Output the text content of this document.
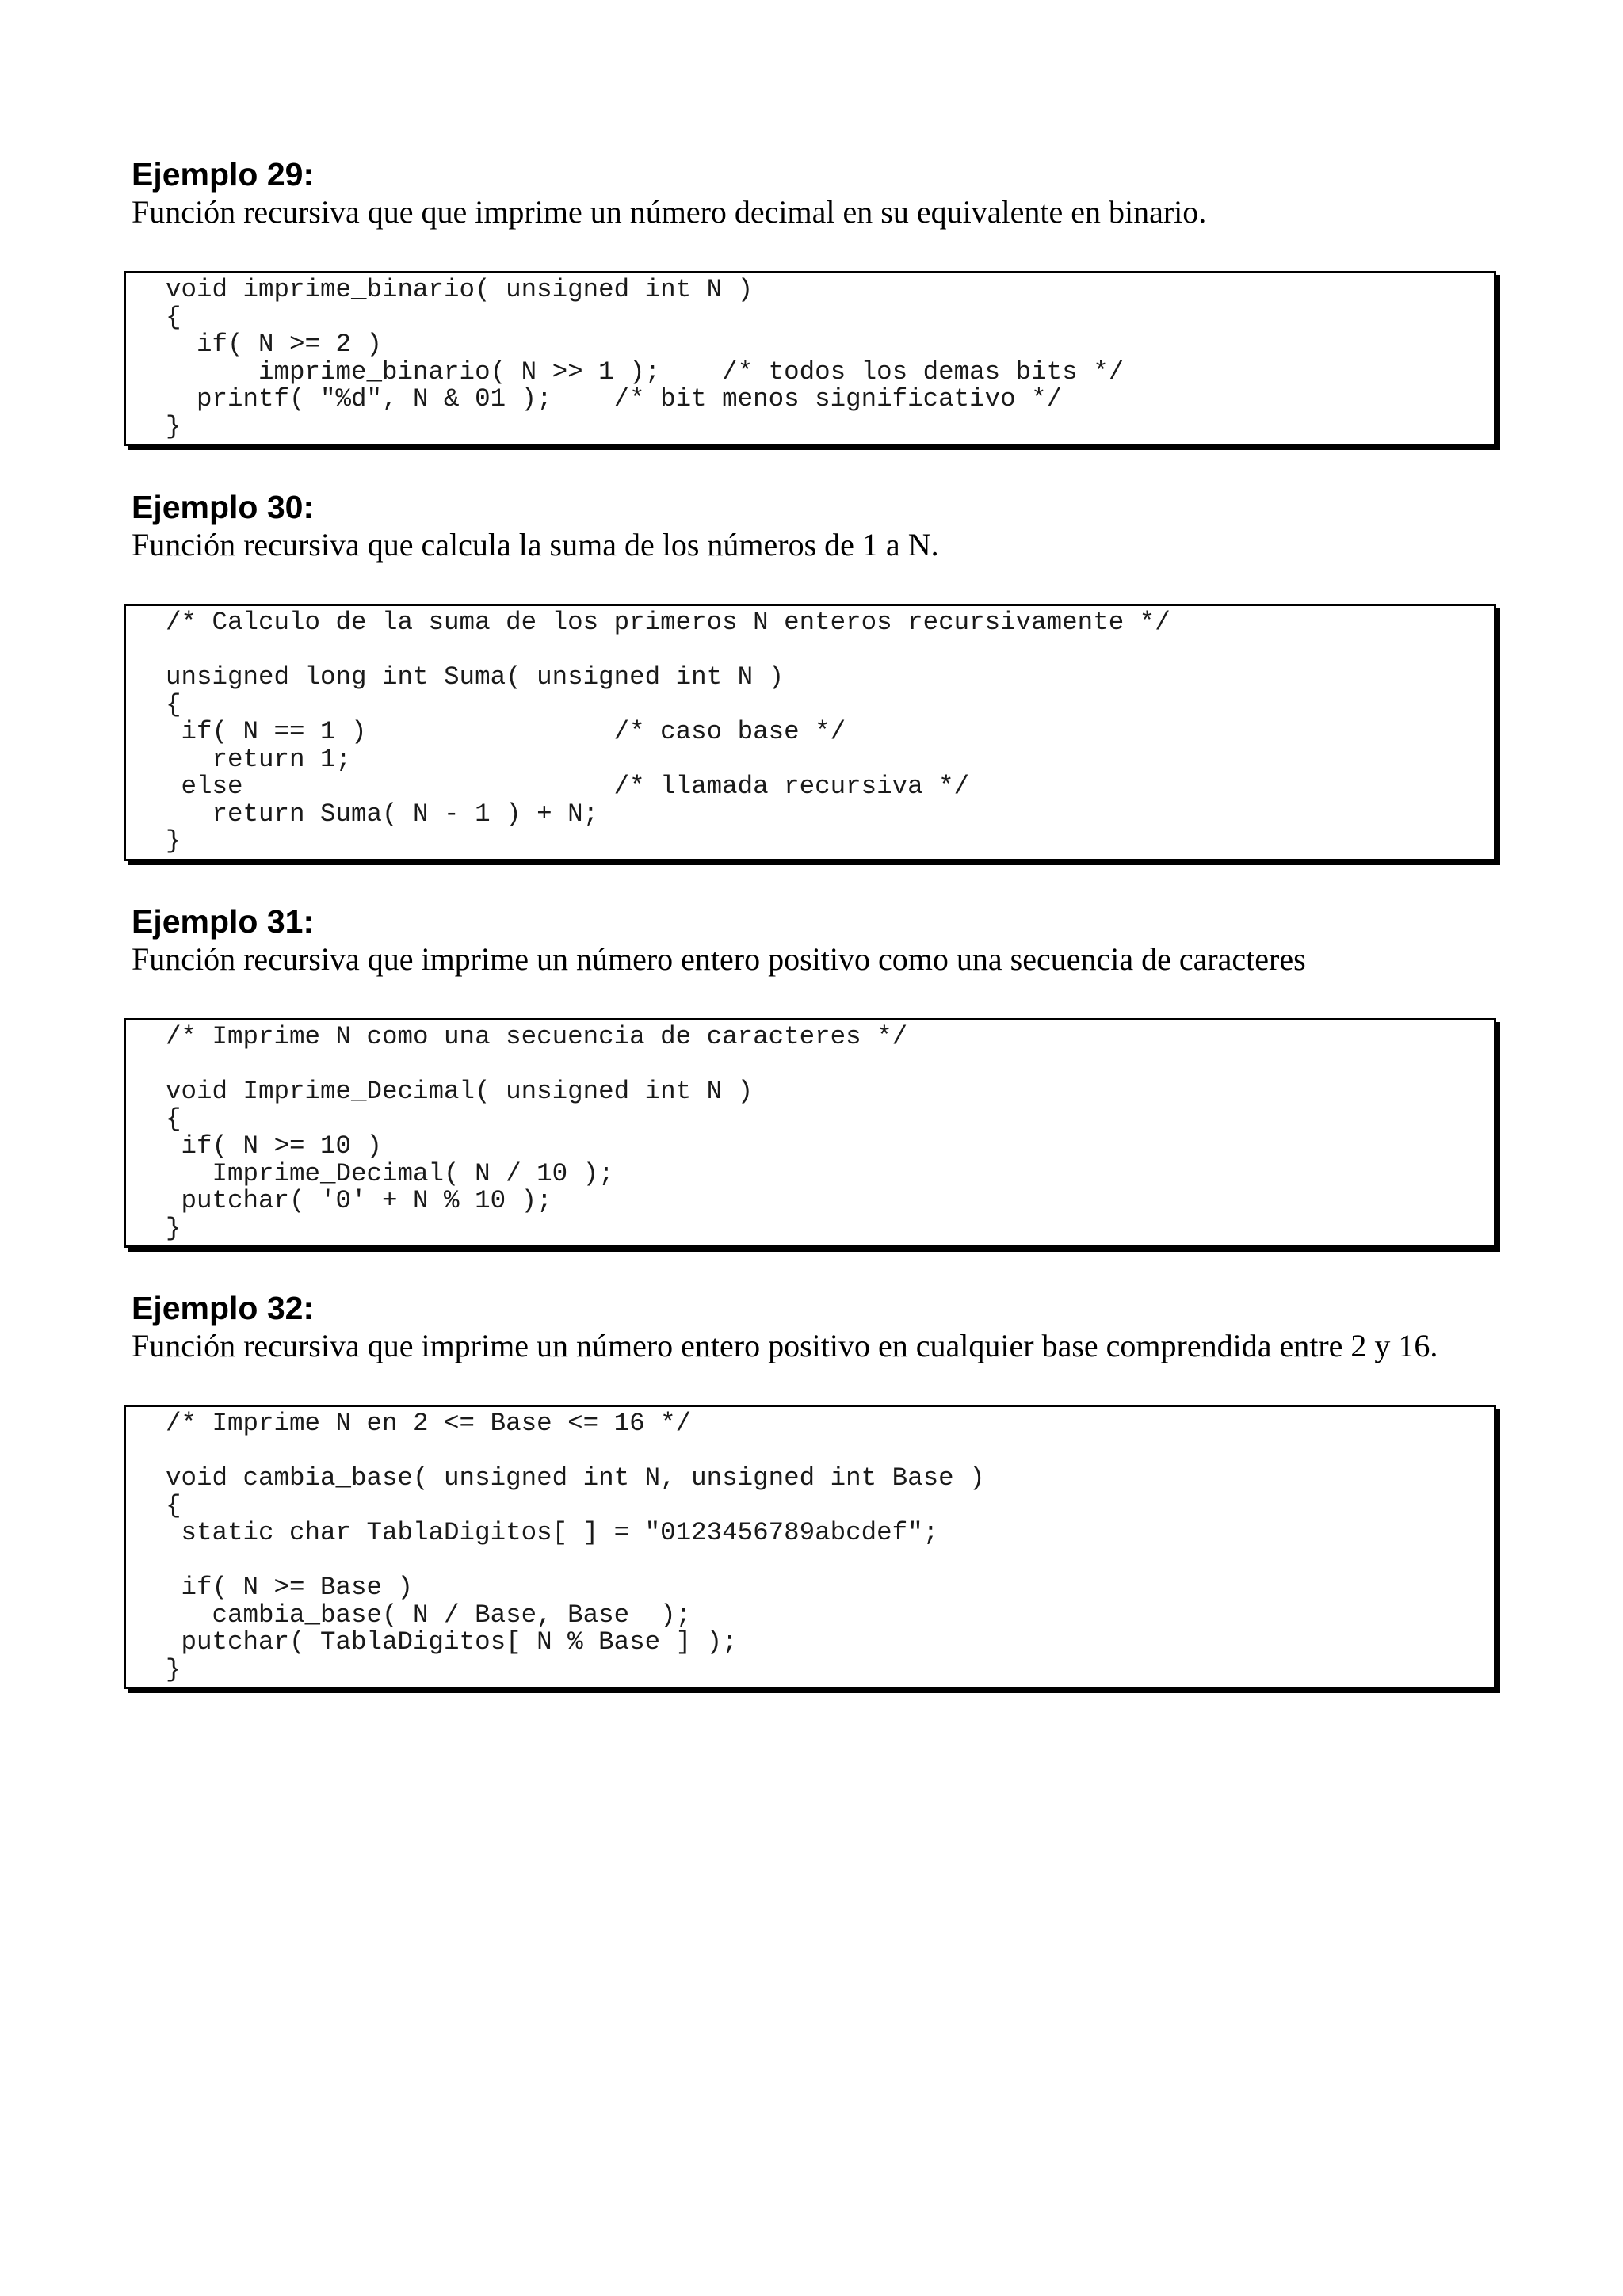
Ejemplo 29:

Función recursiva que que imprime un número decimal en su equivalente en binario.

void imprime_binario( unsigned int N )
{
if( N >= 2 )
imprime_binario( N >> 1 );    /* todos los demas bits */
printf( "%d", N & 01 );    /* bit menos significativo */
}
Ejemplo 30:

Función recursiva que calcula la suma de los números de 1 a N.

/* Calculo de la suma de los primeros N enteros recursivamente */

unsigned long int Suma( unsigned int N )
{
if( N == 1 )                /* caso base */
return 1;
else                        /* llamada recursiva */
return Suma( N - 1 ) + N;
}
Ejemplo 31:

Función recursiva que imprime un número entero positivo como una secuencia de caracteres

/* Imprime N como una secuencia de caracteres */

void Imprime_Decimal( unsigned int N )
{
if( N >= 10 )
Imprime_Decimal( N / 10 );
putchar( '0' + N % 10 );
}
Ejemplo 32:

Función recursiva que imprime un número entero positivo en cualquier base comprendida entre 2 y 16.

/* Imprime N en 2 <= Base <= 16 */

void cambia_base( unsigned int N, unsigned int Base )
{
static char TablaDigitos[ ] = "0123456789abcdef";

if( N >= Base )
cambia_base( N / Base, Base  );
putchar( TablaDigitos[ N % Base ] );
}
